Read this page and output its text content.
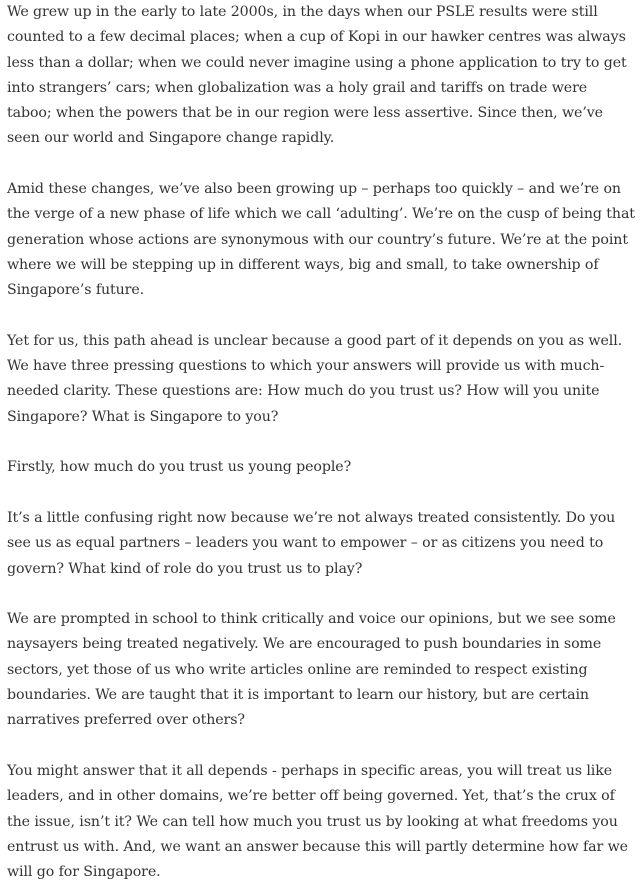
We grew up in the early to late 2000s, in the days when our PSLE results were still counted to a few decimal places; when a cup of Kopi in our hawker centres was always less than a dollar; when we could never imagine using a phone application to try to get into strangers’ cars; when globalization was a holy grail and tariffs on trade were taboo; when the powers that be in our region were less assertive. Since then, we’ve seen our world and Singapore change rapidly.

Amid these changes, we’ve also been growing up – perhaps too quickly – and we’re on the verge of a new phase of life which we call ‘adulting’. We’re on the cusp of being that generation whose actions are synonymous with our country’s future. We’re at the point where we will be stepping up in different ways, big and small, to take ownership of Singapore’s future.

Yet for us, this path ahead is unclear because a good part of it depends on you as well. We have three pressing questions to which your answers will provide us with much-needed clarity. These questions are: How much do you trust us? How will you unite Singapore? What is Singapore to you?

Firstly, how much do you trust us young people?

It’s a little confusing right now because we’re not always treated consistently. Do you see us as equal partners – leaders you want to empower – or as citizens you need to govern? What kind of role do you trust us to play?

We are prompted in school to think critically and voice our opinions, but we see some naysayers being treated negatively. We are encouraged to push boundaries in some sectors, yet those of us who write articles online are reminded to respect existing boundaries. We are taught that it is important to learn our history, but are certain narratives preferred over others?

You might answer that it all depends - perhaps in specific areas, you will treat us like leaders, and in other domains, we’re better off being governed. Yet, that’s the crux of the issue, isn’t it? We can tell how much you trust us by looking at what freedoms you entrust us with. And, we want an answer because this will partly determine how far we will go for Singapore.
